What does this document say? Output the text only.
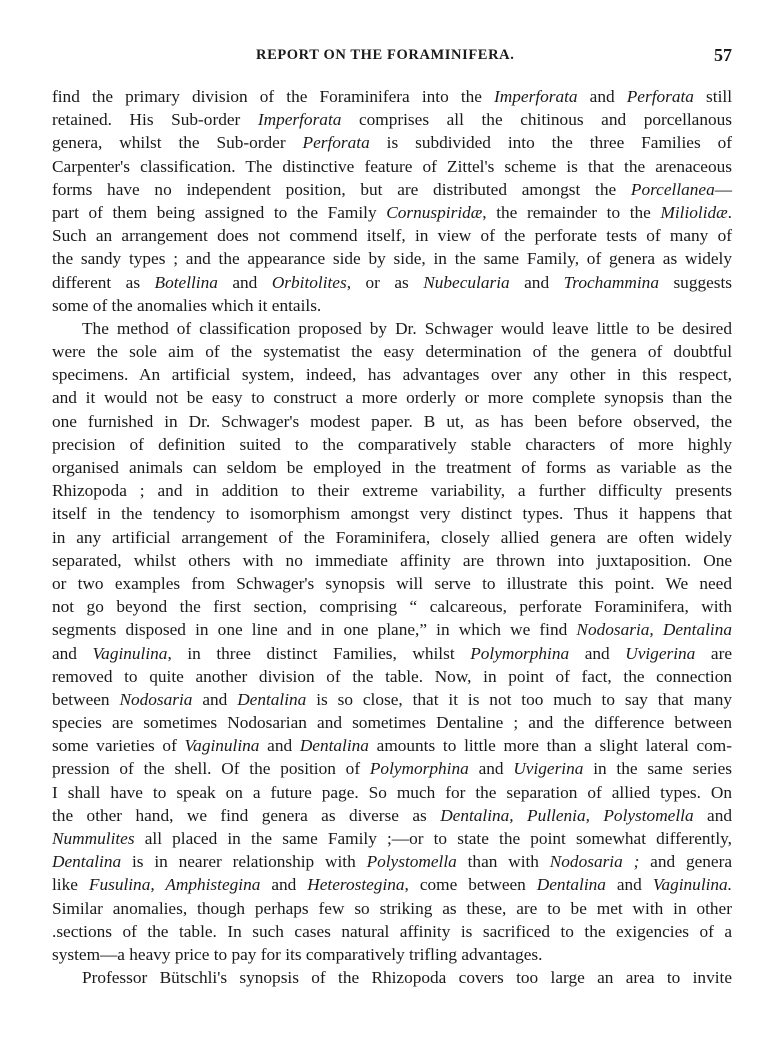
REPORT ON THE FORAMINIFERA.	57
find the primary division of the Foraminifera into the Imperforata and Perforata still
retained. His Sub-order Imperforata comprises all the chitinous and porcellanous
genera, whilst the Sub-order Perforata is subdivided into the three Families of
Carpenter's classification. The distinctive feature of Zittel's scheme is that the arenaceous
forms have no independent position, but are distributed amongst the Porcellanea—
part of them being assigned to the Family Cornuspiridæ, the remainder to the Miliolidæ.
Such an arrangement does not commend itself, in view of the perforate tests of many of
the sandy types ; and the appearance side by side, in the same Family, of genera as widely
different as Botellina and Orbitolites, or as Nubecularia and Trochammina suggests
some of the anomalies which it entails.
The method of classification proposed by Dr. Schwager would leave little to be desired
were the sole aim of the systematist the easy determination of the genera of doubtful
specimens. An artificial system, indeed, has advantages over any other in this respect,
and it would not be easy to construct a more orderly or more complete synopsis than the
one furnished in Dr. Schwager's modest paper. B ut, as has been before observed, the
precision of definition suited to the comparatively stable characters of more highly
organised animals can seldom be employed in the treatment of forms as variable as the
Rhizopoda ; and in addition to their extreme variability, a further difficulty presents
itself in the tendency to isomorphism amongst very distinct types. Thus it happens that
in any artificial arrangement of the Foraminifera, closely allied genera are often widely
separated, whilst others with no immediate affinity are thrown into juxtaposition. One
or two examples from Schwager's synopsis will serve to illustrate this point. We need
not go beyond the first section, comprising “ calcareous, perforate Foraminifera, with
segments disposed in one line and in one plane,” in which we find Nodosaria, Dentalina
and Vaginulina, in three distinct Families, whilst Polymorphina and Uvigerina are
removed to quite another division of the table. Now, in point of fact, the connection
between Nodosaria and Dentalina is so close, that it is not too much to say that many
species are sometimes Nodosarian and sometimes Dentaline ; and the difference between
some varieties of Vaginulina and Dentalina amounts to little more than a slight lateral com-
pression of the shell. Of the position of Polymorphina and Uvigerina in the same series
I shall have to speak on a future page. So much for the separation of allied types. On
the other hand, we find genera as diverse as Dentalina, Pullenia, Polystomella and
Nummulites all placed in the same Family ;—or to state the point somewhat differently,
Dentalina is in nearer relationship with Polystomella than with Nodosaria ; and genera
like Fusulina, Amphistegina and Heterostegina, come between Dentalina and Vaginulina.
Similar anomalies, though perhaps few so striking as these, are to be met with in other
.sections of the table. In such cases natural affinity is sacrificed to the exigencies of a
system—a heavy price to pay for its comparatively trifling advantages.
Professor Bütschli's synopsis of the Rhizopoda covers too large an area to invite
